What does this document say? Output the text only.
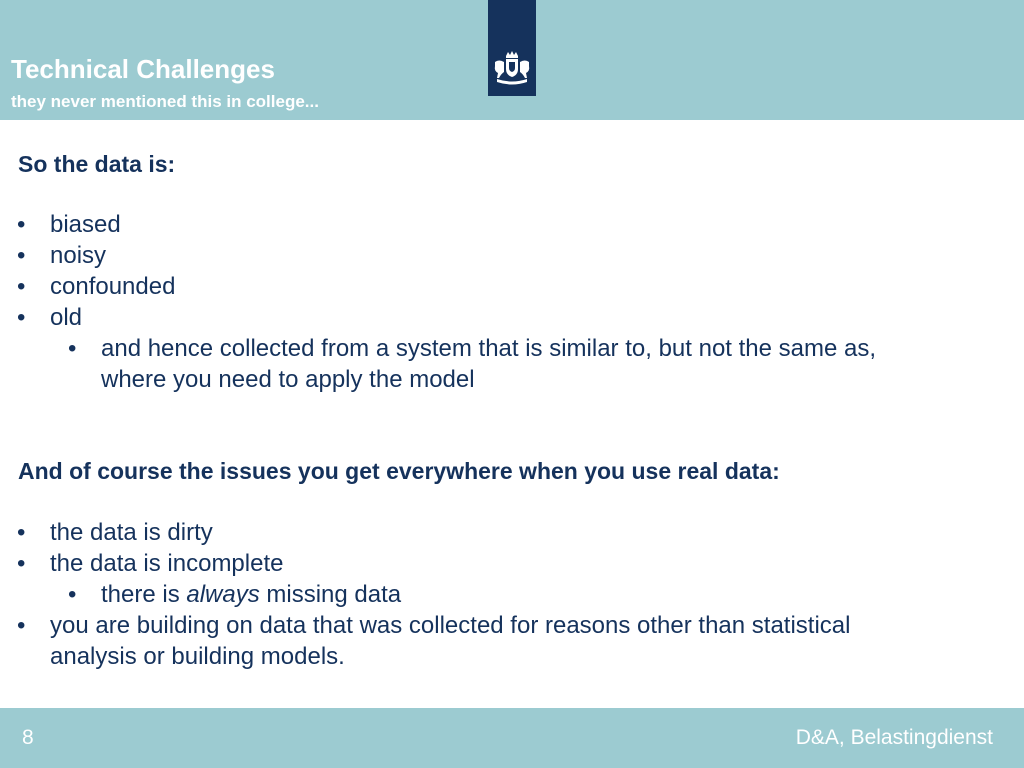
Technical Challenges
they never mentioned this in college...
So the data is:
• biased
• noisy
• confounded
• old
• and hence collected from a system that is similar to, but not the same as,
where you need to apply the model
And of course the issues you get everywhere when you use real data:
• the data is dirty
• the data is incomplete
• there is always missing data
• you are building on data that was collected for reasons other than statistical
analysis or building models.
8	D&A, Belastingdienst
